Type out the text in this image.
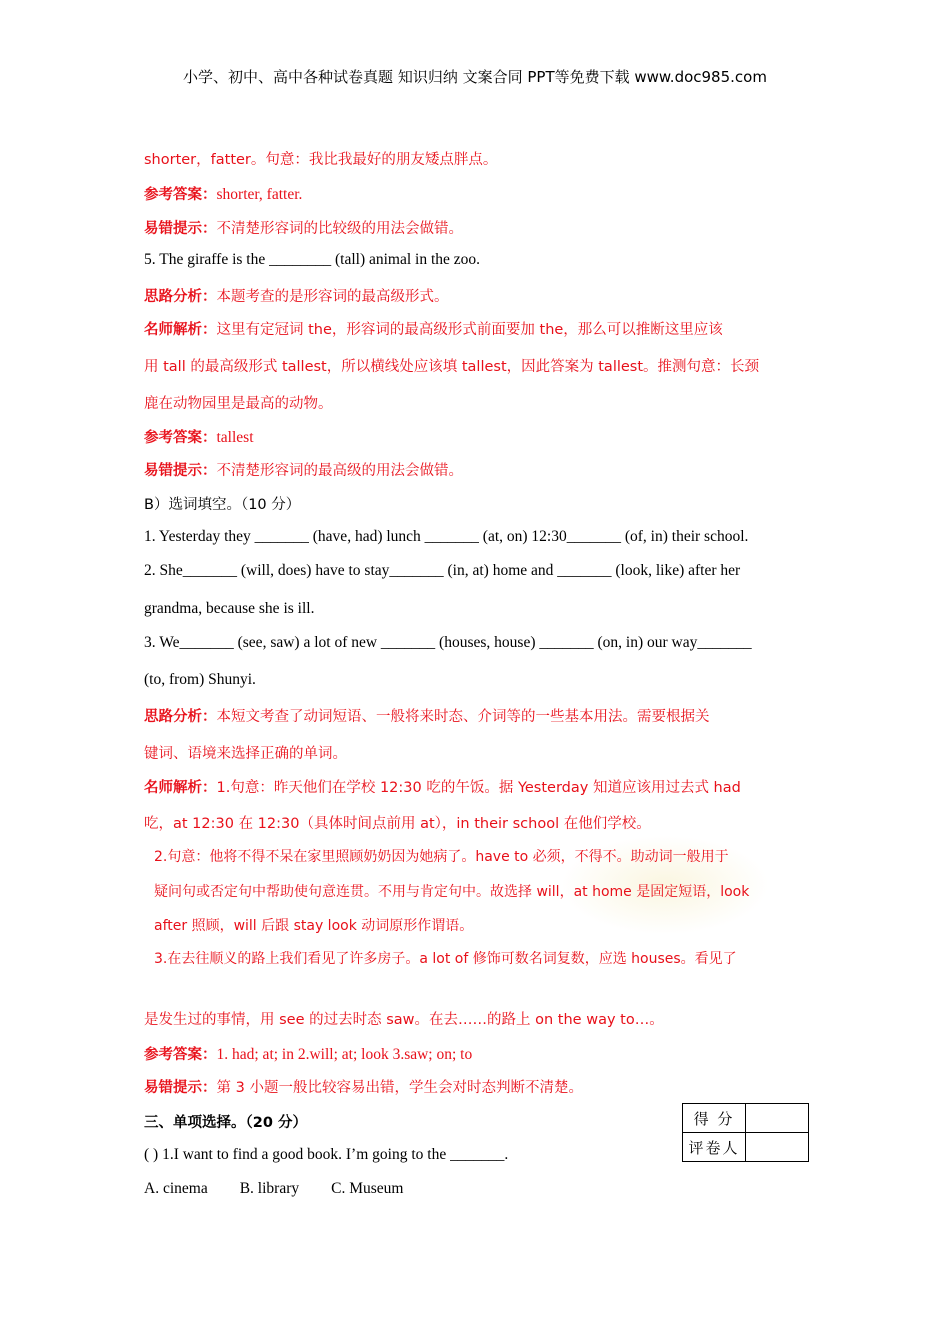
小学、初中、高中各种试卷真题 知识归纳 文案合同 PPT等免费下载 www.doc985.com
shorter，fatter。句意：我比我最好的朋友矮点胖点。
参考答案：shorter, fatter.
易错提示：不清楚形容词的比较级的用法会做错。
5. The giraffe is the ________ (tall) animal in the zoo.
思路分析：本题考查的是形容词的最高级形式。
名师解析：这里有定冠词 the，形容词的最高级形式前面要加 the，那么可以推断这里应该
用 tall 的最高级形式 tallest，所以横线处应该填 tallest，因此答案为 tallest。推测句意：长颈
鹿在动物园里是最高的动物。
参考答案：tallest
易错提示：不清楚形容词的最高级的用法会做错。
B）选词填空。（10 分）
1. Yesterday they _______ (have, had) lunch _______ (at, on) 12:30_______ (of, in) their school.
2. She_______ (will, does) have to stay_______ (in, at) home and _______ (look, like) after her
grandma, because she is ill.
3. We_______ (see, saw) a lot of new _______ (houses, house) _______ (on, in) our way_______
(to, from) Shunyi.
思路分析：本短文考查了动词短语、一般将来时态、介词等的一些基本用法。需要根据关
键词、语境来选择正确的单词。
名师解析：1.句意：昨天他们在学校 12:30 吃的午饭。据 Yesterday 知道应该用过去式 had
吃，at 12:30 在 12:30（具体时间点前用 at），in their school 在他们学校。
2.句意：他将不得不呆在家里照顾奶奶因为她病了。have to 必须，不得不。助动词一般用于
疑问句或否定句中帮助使句意连贯。不用与肯定句中。故选择 will，at home 是固定短语，look
after 照顾，will 后跟 stay look 动词原形作谓语。
3.在去往顺义的路上我们看见了许多房子。a lot of 修饰可数名词复数，应选 houses。看见了
是发生过的事情，用 see 的过去时态 saw。在去……的路上 on the way to…。
参考答案：1. had; at; in 2.will; at; look 3.saw; on; to
易错提示：第 3 小题一般比较容易出错，学生会对时态判断不清楚。
三、单项选择。（20 分）
( ) 1.I want to find a good book. I’m going to the _______.
A. cinema B. library C. Museum
得 分	
评卷人	
